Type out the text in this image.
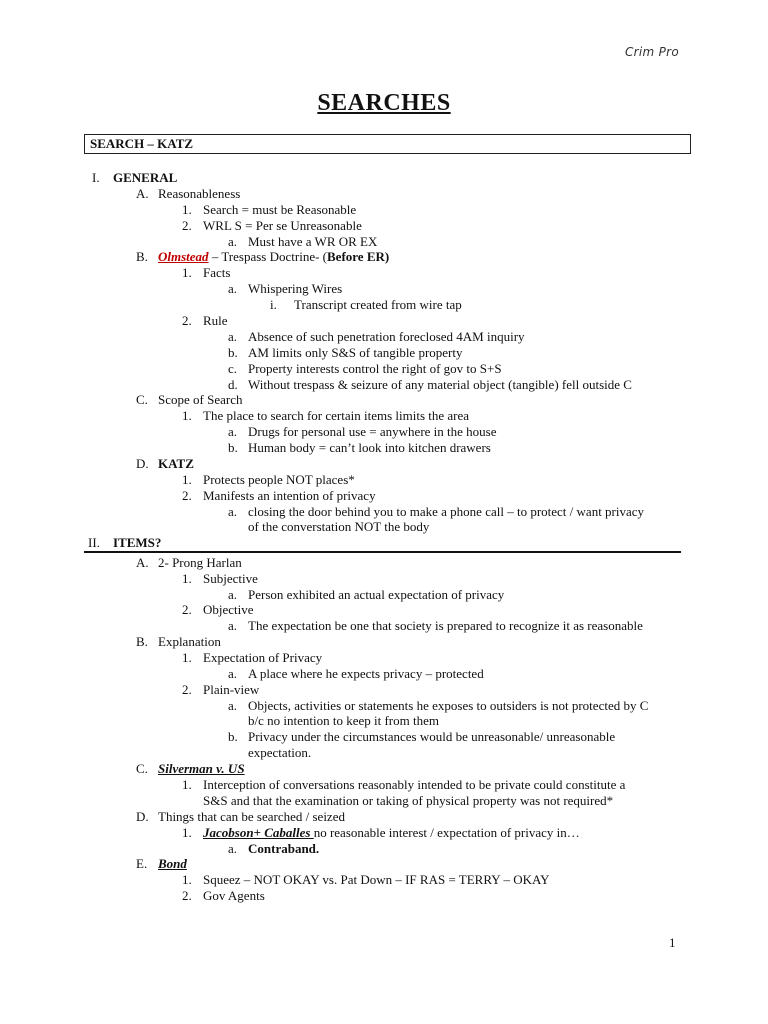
Crim Pro
SEARCHES
SEARCH – KATZ
I. GENERAL
A. Reasonableness
1. Search = must be Reasonable
2. WRL S = Per se Unreasonable
a. Must have a WR OR EX
B. Olmstead – Trespass Doctrine- (Before ER)
1. Facts
a. Whispering Wires
i. Transcript created from wire tap
2. Rule
a. Absence of such penetration foreclosed 4AM inquiry
b. AM limits only S&S of tangible property
c. Property interests control the right of gov to S+S
d. Without trespass & seizure of any material object (tangible) fell outside C
C. Scope of Search
1. The place to search for certain items limits the area
a. Drugs for personal use = anywhere in the house
b. Human body = can’t look into kitchen drawers
D. KATZ
1. Protects people NOT places*
2. Manifests an intention of privacy
a. closing the door behind you to make a phone call – to protect / want privacy
of the converstation NOT the body
II. ITEMS?
A. 2- Prong Harlan
1. Subjective
a. Person exhibited an actual expectation of privacy
2. Objective
a. The expectation be one that society is prepared to recognize it as reasonable
B. Explanation
1. Expectation of Privacy
a. A place where he expects privacy – protected
2. Plain-view
a. Objects, activities or statements he exposes to outsiders is not protected by C
b/c no intention to keep it from them
b. Privacy under the circumstances would be unreasonable/ unreasonable
expectation.
C. Silverman v. US
1. Interception of conversations reasonably intended to be private could constitute a
S&S and that the examination or taking of physical property was not required*
D. Things that can be searched / seized
1. Jacobson+ Caballes no reasonable interest / expectation of privacy in…
a. Contraband.
E. Bond
1. Squeez – NOT OKAY vs. Pat Down – IF RAS = TERRY – OKAY
2. Gov Agents
1
